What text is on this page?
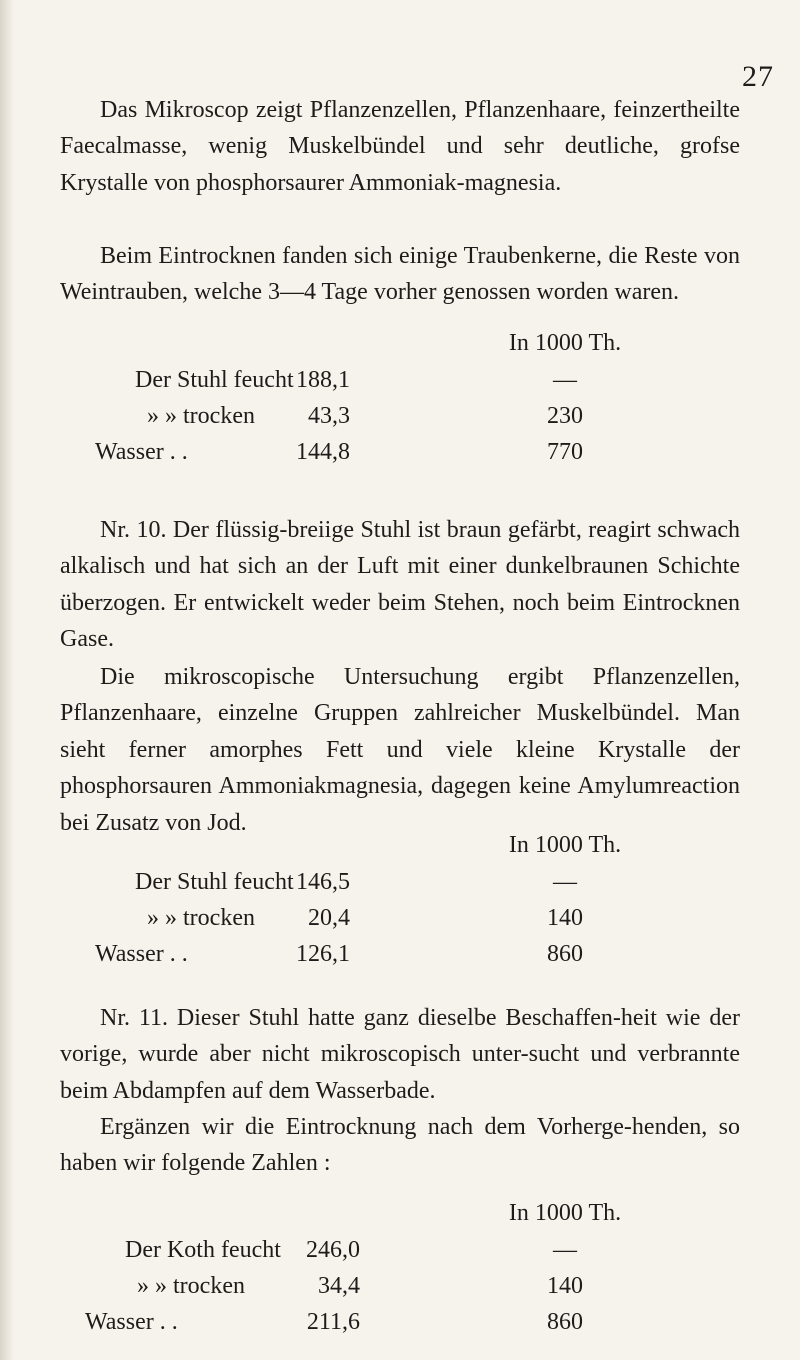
27

Das Mikroscop zeigt Pflanzenzellen, Pflanzenhaare, feinzertheilte Faecalmasse, wenig Muskelbündel und sehr deutliche, grofse Krystalle von phosphorsaurer Ammoniak-magnesia.

Beim Eintrocknen fanden sich einige Traubenkerne, die Reste von Weintrauben, welche 3—4 Tage vorher genossen worden waren.

In 1000 Th.
Der Stuhl feucht 188,1	—
» » trocken	43,3	230
Wasser . .	144,8	770

Nr. 10. Der flüssig-breiige Stuhl ist braun gefärbt, reagirt schwach alkalisch und hat sich an der Luft mit einer dunkelbraunen Schichte überzogen. Er entwickelt weder beim Stehen, noch beim Eintrocknen Gase.

Die mikroscopische Untersuchung ergibt Pflanzenzellen, Pflanzenhaare, einzelne Gruppen zahlreicher Muskelbündel. Man sieht ferner amorphes Fett und viele kleine Krystalle der phosphorsauren Ammoniakmagnesia, dagegen keine Amylumreaction bei Zusatz von Jod.

In 1000 Th.
Der Stuhl feucht 146,5	—
» » trocken	20,4	140
Wasser . .	126,1	860

Nr. 11. Dieser Stuhl hatte ganz dieselbe Beschaffen-heit wie der vorige, wurde aber nicht mikroscopisch unter-sucht und verbrannte beim Abdampfen auf dem Wasserbade.

Ergänzen wir die Eintrocknung nach dem Vorherge-henden, so haben wir folgende Zahlen :

In 1000 Th.
Der Koth feucht	246,0	—
» » trocken	34,4	140
Wasser . .	211,6	860
